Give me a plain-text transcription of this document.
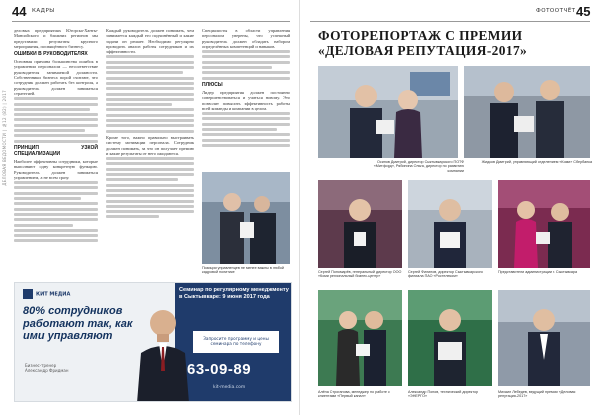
44 КАДРЫ
ДЕЛОВАЯ ВЕДОМОСТИ | №12 (82) | 2017

деловых предприятиях Югорска-Ханты-Мансийского и ближних регионов мы представили результаты крупного мероприятия, посвящённого бизнесу.

ОШИБКИ В РУКОВОДИТЕЛЯХ

Основная причина большинства ошибок в управлении персоналом — несоответствие руководителя занимаемой должности. Собственники бизнеса порой считают, что сотрудник должен работать без контроля, а руководитель должен заниматься стратегией.

ПРИНЦИП УЗКОЙ СПЕЦИАЛИЗАЦИИ

Наиболее эффективны сотрудники, которые выполняют одну конкретную функцию. Руководитель должен заниматься управлением, а не всем сразу.

Каждый руководитель должен понимать, чем занимается каждый его подчинённый и какие задачи он решает. Необходимо регулярно проводить анализ работы сотрудников и их эффективности.

Кроме того, важно правильно выстраивать систему мотивации персонала. Сотрудник должен понимать, за что он получает премию и какие результаты от него ожидаются.

Специалисты в области управления персоналом уверены, что успешный руководитель должен обладать набором определённых компетенций и навыков.

ПЛЮСЫ

Лидер предприятия должен постоянно совершенствоваться и учиться новому. Это позволит повысить эффективность работы всей команды и компании в целом.

Позиции управленцев не менее важны в любой кадровой политике
КИТ МЕДИА
80% сотрудников работают так, как ими управляют
Бизнес-тренер
Александр Фридман
Семинар по регулярному менеджменту в Сыктывкаре: 9 июня 2017 года
Запросите программу и цены семинара по телефону
63-09-89
kit-media.com
ФОТООТЧЁТ 45
ФОТОРЕПОРТАЖ С ПРЕМИИ
«ДЕЛОВАЯ РЕПУТАЦИЯ-2017»
Осипов Дмитрий, директор Сыктывкарского ПОТФ «Митфорд», Рябинина Ольга, директор по развитию компании
Жидков Дмитрий, управляющий отделением «Коми» Сбербанка
Сергей Пономарёв, генеральный директор ООО «Коми региональный бизнес-центр»
Сергей Филипов, директор Сыктывкарского филиала ПАО «Ростелеком»
Представители администрации г. Сыктывкара
Алёна Строганова, менеджер по работе с клиентами «Первый канал»
Александр Попов, технический директор «ЭНЕРГО»
Михаил Лебедев, ведущий премии «Деловая репутация-2017»
